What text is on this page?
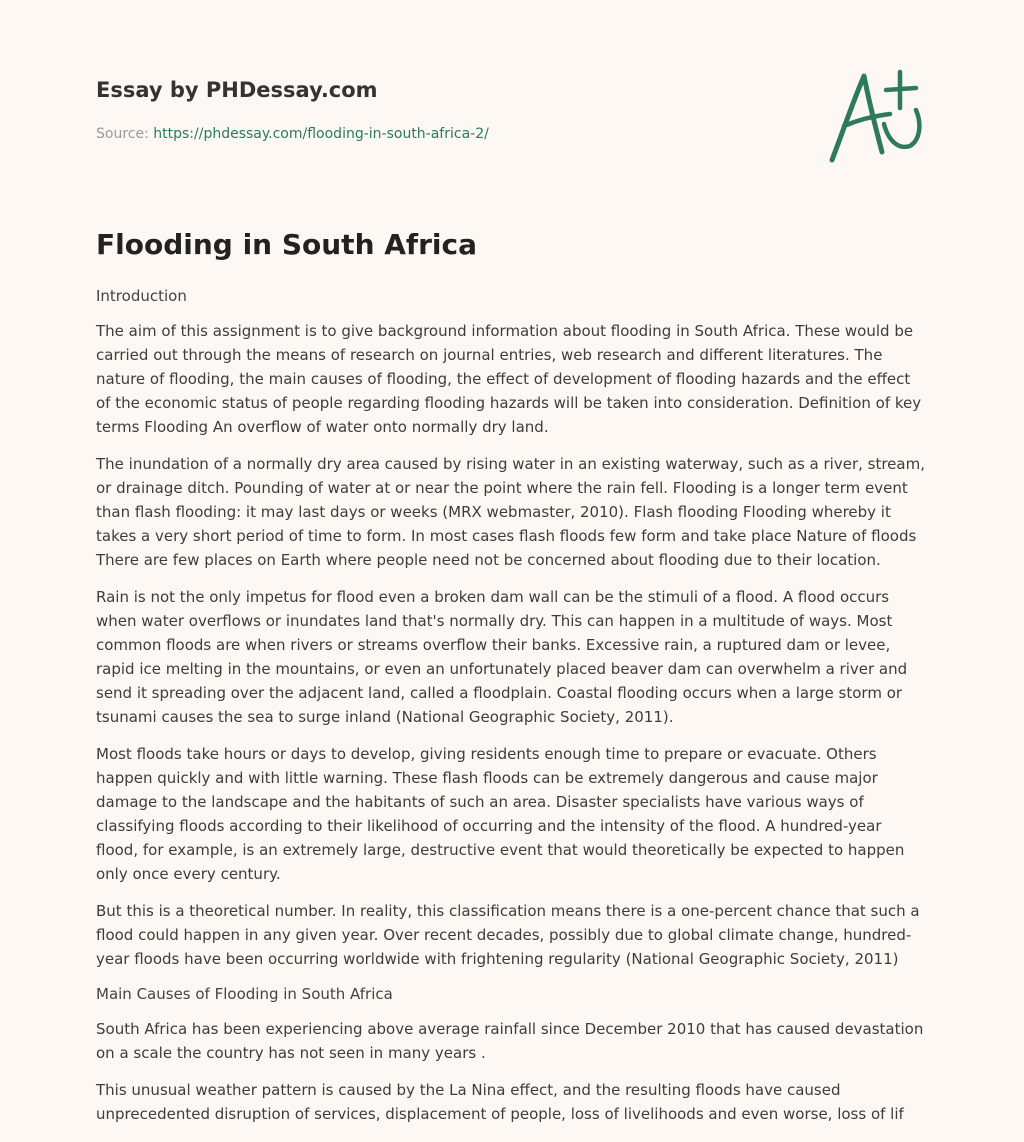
Essay by PHDessay.com
Source: https://phdessay.com/flooding-in-south-africa-2/
Flooding in South Africa
Introduction

The aim of this assignment is to give background information about flooding in South Africa. These would be carried out through the means of research on journal entries, web research and different literatures. The nature of flooding, the main causes of flooding, the effect of development of flooding hazards and the effect of the economic status of people regarding flooding hazards will be taken into consideration. Definition of key terms Flooding An overflow of water onto normally dry land.

The inundation of a normally dry area caused by rising water in an existing waterway, such as a river, stream, or drainage ditch. Pounding of water at or near the point where the rain fell. Flooding is a longer term event than flash flooding: it may last days or weeks (MRX webmaster, 2010). Flash flooding Flooding whereby it takes a very short period of time to form. In most cases flash floods few form and take place Nature of floods There are few places on Earth where people need not be concerned about flooding due to their location.

Rain is not the only impetus for flood even a broken dam wall can be the stimuli of a flood. A flood occurs when water overflows or inundates land that's normally dry. This can happen in a multitude of ways. Most common floods are when rivers or streams overflow their banks. Excessive rain, a ruptured dam or levee, rapid ice melting in the mountains, or even an unfortunately placed beaver dam can overwhelm a river and send it spreading over the adjacent land, called a floodplain. Coastal flooding occurs when a large storm or tsunami causes the sea to surge inland (National Geographic Society, 2011).

Most floods take hours or days to develop, giving residents enough time to prepare or evacuate. Others happen quickly and with little warning. These flash floods can be extremely dangerous and cause major damage to the landscape and the habitants of such an area. Disaster specialists have various ways of classifying floods according to their likelihood of occurring and the intensity of the flood. A hundred-year flood, for example, is an extremely large, destructive event that would theoretically be expected to happen only once every century.

But this is a theoretical number. In reality, this classification means there is a one-percent chance that such a flood could happen in any given year. Over recent decades, possibly due to global climate change, hundred-year floods have been occurring worldwide with frightening regularity (National Geographic Society, 2011)

Main Causes of Flooding in South Africa

South Africa has been experiencing above average rainfall since December 2010 that has caused devastation on a scale the country has not seen in many years .

This unusual weather pattern is caused by the La Nina effect, and the resulting floods have caused unprecedented disruption of services, displacement of people, loss of livelihoods and even worse, loss of lif
